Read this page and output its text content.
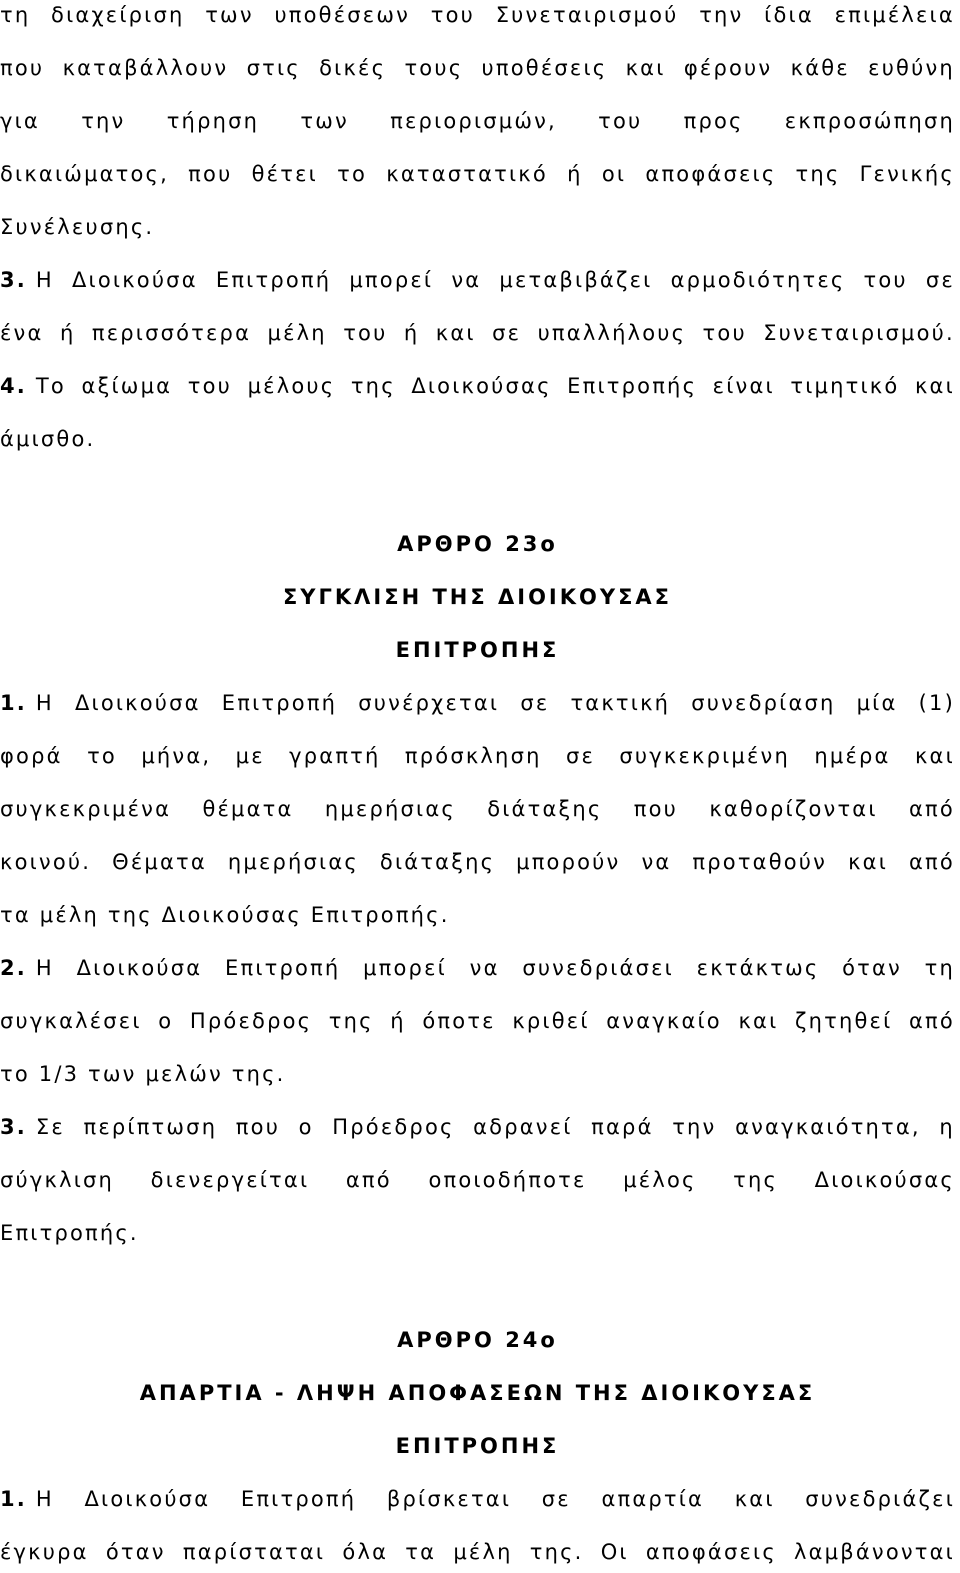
τη διαχείριση των υποθέσεων του Συνεταιρισμού την ίδια επιμέλεια
που καταβάλλουν στις δικές τους υποθέσεις και φέρουν κάθε ευθύνη
για την τήρηση των περιορισμών, του προς εκπροσώπηση
δικαιώματος, που θέτει το καταστατικό ή οι αποφάσεις της Γενικής
Συνέλευσης.
3. Η Διοικούσα Επιτροπή μπορεί να μεταβιβάζει αρμοδιότητες του σε
ένα ή περισσότερα μέλη του ή και σε υπαλλήλους του Συνεταιρισμού.
4. Το αξίωμα του μέλους της Διοικούσας Επιτροπής είναι τιμητικό και
άμισθο.
ΑΡΘΡΟ 23ο
ΣΥΓΚΛΙΣΗ ΤΗΣ ΔΙΟΙΚΟΥΣΑΣ
ΕΠΙΤΡΟΠΗΣ
1. Η Διοικούσα Επιτροπή συνέρχεται σε τακτική συνεδρίαση μία (1)
φορά το μήνα, με γραπτή πρόσκληση σε συγκεκριμένη ημέρα και
συγκεκριμένα θέματα ημερήσιας διάταξης που καθορίζονται από
κοινού. Θέματα ημερήσιας διάταξης μπορούν να προταθούν και από
τα μέλη της Διοικούσας Επιτροπής.
2. Η Διοικούσα Επιτροπή μπορεί να συνεδριάσει εκτάκτως όταν τη
συγκαλέσει ο Πρόεδρος της ή όποτε κριθεί αναγκαίο και ζητηθεί από
το 1/3 των μελών της.
3. Σε περίπτωση που ο Πρόεδρος αδρανεί παρά την αναγκαιότητα, η
σύγκλιση διενεργείται από οποιοδήποτε μέλος της Διοικούσας
Επιτροπής.
ΑΡΘΡΟ 24ο
ΑΠΑΡΤΙΑ - ΛΗΨΗ ΑΠΟΦΑΣΕΩΝ ΤΗΣ ΔΙΟΙΚΟΥΣΑΣ
ΕΠΙΤΡΟΠΗΣ
1. Η Διοικούσα Επιτροπή βρίσκεται σε απαρτία και συνεδριάζει
έγκυρα όταν παρίσταται όλα τα μέλη της. Οι αποφάσεις λαμβάνονται
